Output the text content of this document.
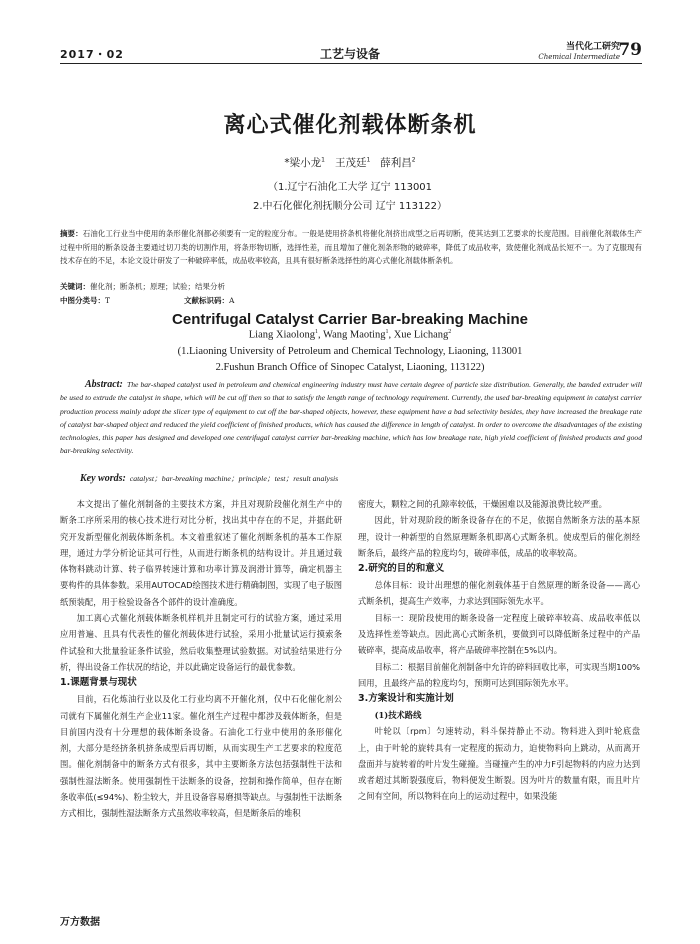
2017・02	工艺与设备	当代化工研究
Chemical Intermediate
79
离心式催化剂载体断条机
*梁小龙$^1$ 王茂廷$^1$ 薛利昌$^2$
（1.辽宁石油化工大学 辽宁 113001
2.中石化催化剂抚顺分公司 辽宁 113122）
摘要：石油化工行业当中使用的条形催化剂都必须要有一定的粒度分布。一般是使用挤条机将催化剂挤出成型之后再切断，使其达到工艺要求的长度范围。目前催化剂载体生产过程中所用的断条设备主要通过切刀类的切割作用，将条形物切断，选择性差，而且增加了催化剂条形物的破碎率，降低了成品收率，致使催化剂成品长短不一。为了克服现有技术存在的不足，本论文设计研发了一种破碎率低，成品收率较高，且具有很好断条选择性的离心式催化剂载体断条机。
关键词：催化剂；断条机；原理；试验；结果分析
中图分类号：T	文献标识码：A
Centrifugal Catalyst Carrier Bar-breaking Machine
Liang Xiaolong$^1$, Wang Maoting$^1$, Xue Lichang$^2$
(1.Liaoning University of Petroleum and Chemical Technology, Liaoning, 113001
2.Fushun Branch Office of Sinopec Catalyst, Liaoning, 113122)
Abstract: The bar-shaped catalyst used in petroleum and chemical engineering industry must have certain degree of particle size distribution. Generally, the banded extruder will be used to extrude the catalyst in shape, which will be cut off then so that to satisfy the length range of technology requirement. Currently, the used bar-breaking equipment in catalyst carrier production process mainly adopt the slicer type of equipment to cut off the bar-shaped objects, however, these equipment have a bad selectivity besides, they have increased the breakage rate of catalyst bar-shaped object and reduced the yield coefficient of finished products, which has caused the difference in length of catalyst. In order to overcome the disadvantages of the existing technologies, this paper has designed and developed one centrifugal catalyst carrier bar-breaking machine, which has low breakage rate, high yield coefficient of finished products and good bar-breaking selectivity.
Key words: catalyst；bar-breaking machine；principle；test；result analysis

本文提出了催化剂制备的主要技术方案，并且对现阶段催化剂生产中的断条工序所采用的核心技术进行对比分析，找出其中存在的不足，并据此研究开发新型催化剂载体断条机。本文着重叙述了催化剂断条机的基本工作原理，通过力学分析论证其可行性，从而进行断条机的结构设计。并且通过载体物料跳动计算、转子临界转速计算和功率计算及润滑计算等，确定机器主要构件的具体参数。采用AUTOCAD绘图技术进行精确制图，实现了电子版图纸预装配，用于检验设备各个部件的设计准确度。

加工离心式催化剂载体断条机样机并且制定可行的试验方案，通过采用应用普遍、且具有代表性的催化剂载体进行试验，采用小批量试运行摸索条件试验和大批量验证条件试验，然后收集整理试验数据。对试验结果进行分析，得出设备工作状况的结论，并以此确定设备运行的最优参数。

1.课题背景与现状

目前，石化炼油行业以及化工行业均离不开催化剂，仅中石化催化剂公司就有下属催化剂生产企业11家。催化剂生产过程中都涉及载体断条，但是目前国内没有十分理想的载体断条设备。石油化工行业中使用的条形催化剂，大部分是经挤条机挤条成型后再切断，从而实现生产工艺要求的粒度范围。催化剂制备中的断条方式有很多，其中主要断条方法包括强制性干法和强制性湿法断条。使用强制性干法断条的设备，控制和操作简单，但存在断条收率低(≤94%)、粉尘较大，并且设备容易磨损等缺点。与强制性干法断条方式相比，强制性湿法断条方式虽然收率较高，但是断条后的堆积

密度大，颗粒之间的孔隙率较低，干燥困难以及能源浪费比较严重。

因此，针对现阶段的断条设备存在的不足，依据自然断条方法的基本原理，设计一种新型的自然原理断条机即离心式断条机。使成型后的催化剂经断条后，最终产品的粒度均匀，破碎率低，成品的收率较高。

2.研究的目的和意义

总体目标：设计出理想的催化剂载体基于自然原理的断条设备——离心式断条机，提高生产效率，力求达到国际领先水平。

目标一：现阶段使用的断条设备一定程度上破碎率较高、成品收率低以及选择性差等缺点。因此离心式断条机，要做到可以降低断条过程中的产品破碎率，提高成品收率，将产品破碎率控制在5%以内。

目标二：根据目前催化剂制备中允许的碎料回收比率，可实现当期100%回用，且最终产品的粒度均匀，预期可达到国际领先水平。

3.方案设计和实施计划
(1)技术路线

叶轮以〔rpm〕匀速转动，料斗保持静止不动。物料进入到叶轮底盘上，由于叶轮的旋转具有一定程度的振动力，迫使物料向上跳动，从而离开盘面并与旋转着的叶片发生碰撞。当碰撞产生的冲力F引起物料的内应力达到或者超过其断裂强度后，物料便发生断裂。因为叶片的数量有限，而且叶片之间有空间，所以物料在向上的运动过程中，如果没能

万方数据
